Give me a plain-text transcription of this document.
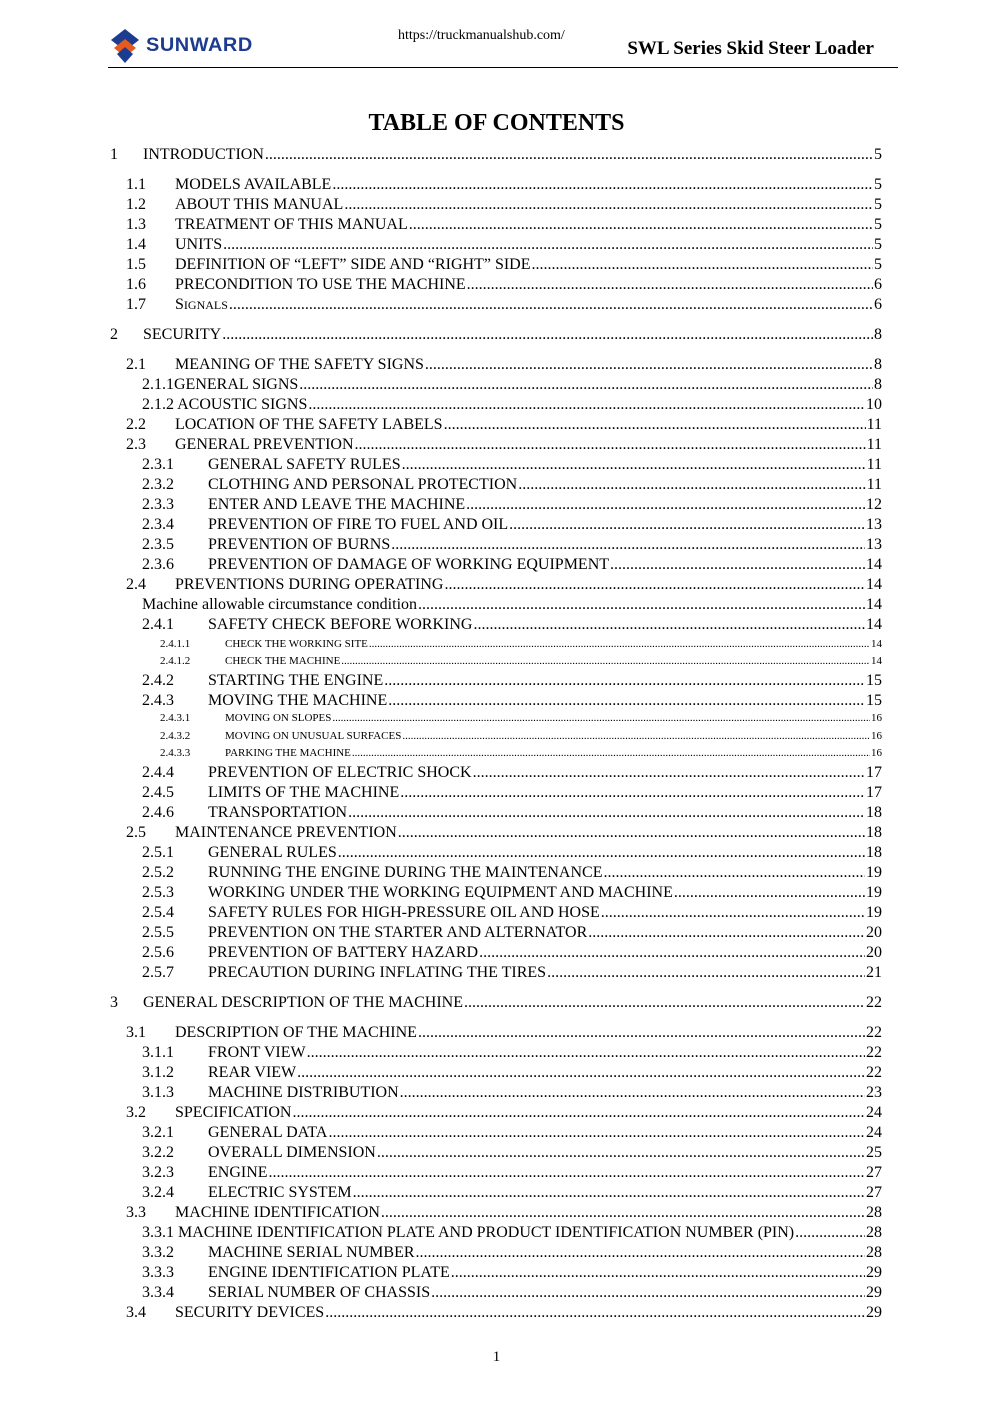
SUNWARD	https://truckmanualshub.com/
SWL Series Skid Steer Loader
TABLE OF CONTENTS
1 INTRODUCTION .....	5
1.1 MODELS AVAILABLE .....	5
1.2 ABOUT THIS MANUAL .....	5
1.3 TREATMENT OF THIS MANUAL .....	5
1.4 UNITS .....	5
1.5 DEFINITION OF “LEFT” SIDE AND “RIGHT” SIDE .....	5
1.6 PRECONDITION TO USE THE MACHINE .....	6
1.7 SIGNALS .....	6
2 SECURITY .....	8
2.1 MEANING OF THE SAFETY SIGNS .....	8
2.1.1GENERAL SIGNS .....	8
2.1.2 ACOUSTIC SIGNS .....	10
2.2 LOCATION OF THE SAFETY LABELS .....	11
2.3 GENERAL PREVENTION .....	11
2.3.1 GENERAL SAFETY RULES .....	11
2.3.2 CLOTHING AND PERSONAL PROTECTION .....	11
2.3.3 ENTER AND LEAVE THE MACHINE .....	12
2.3.4 PREVENTION OF FIRE TO FUEL AND OIL .....	13
2.3.5 PREVENTION OF BURNS .....	13
2.3.6 PREVENTION OF DAMAGE OF WORKING EQUIPMENT .....	14
2.4 PREVENTIONS DURING OPERATING .....	14
Machine allowable circumstance condition .....	14
2.4.1 SAFETY CHECK BEFORE WORKING .....	14
2.4.1.1	CHECK THE WORKING SITE .....	14
2.4.1.2	CHECK THE MACHINE .....	14
2.4.2 STARTING THE ENGINE .....	15
2.4.3 MOVING THE MACHINE .....	15
2.4.3.1	MOVING ON SLOPES .....	16
2.4.3.2	MOVING ON UNUSUAL SURFACES .....	16
2.4.3.3	PARKING THE MACHINE .....	16
2.4.4 PREVENTION OF ELECTRIC SHOCK .....	17
2.4.5 LIMITS OF THE MACHINE .....	17
2.4.6 TRANSPORTATION .....	18
2.5 MAINTENANCE PREVENTION .....	18
2.5.1 GENERAL RULES .....	18
2.5.2 RUNNING THE ENGINE DURING THE MAINTENANCE .....	19
2.5.3 WORKING UNDER THE WORKING EQUIPMENT AND MACHINE .....	19
2.5.4 SAFETY RULES FOR HIGH-PRESSURE OIL AND HOSE .....	19
2.5.5 PREVENTION ON THE STARTER AND ALTERNATOR .....	20
2.5.6 PREVENTION OF BATTERY HAZARD .....	20
2.5.7 PRECAUTION DURING INFLATING THE TIRES .....	21
3 GENERAL DESCRIPTION OF THE MACHINE .....	22
3.1 DESCRIPTION OF THE MACHINE .....	22
3.1.1 FRONT VIEW .....	22
3.1.2 REAR VIEW .....	22
3.1.3 MACHINE DISTRIBUTION .....	23
3.2 SPECIFICATION .....	24
3.2.1 GENERAL DATA .....	24
3.2.2 OVERALL DIMENSION .....	25
3.2.3 ENGINE .....	27
3.2.4 ELECTRIC SYSTEM .....	27
3.3 MACHINE IDENTIFICATION .....	28
3.3.1 MACHINE IDENTIFICATION PLATE AND PRODUCT IDENTIFICATION NUMBER (PIN) .....	28
3.3.2 MACHINE SERIAL NUMBER .....	28
3.3.3 ENGINE IDENTIFICATION PLATE .....	29
3.3.4 SERIAL NUMBER OF CHASSIS .....	29
3.4 SECURITY DEVICES .....	29
1
